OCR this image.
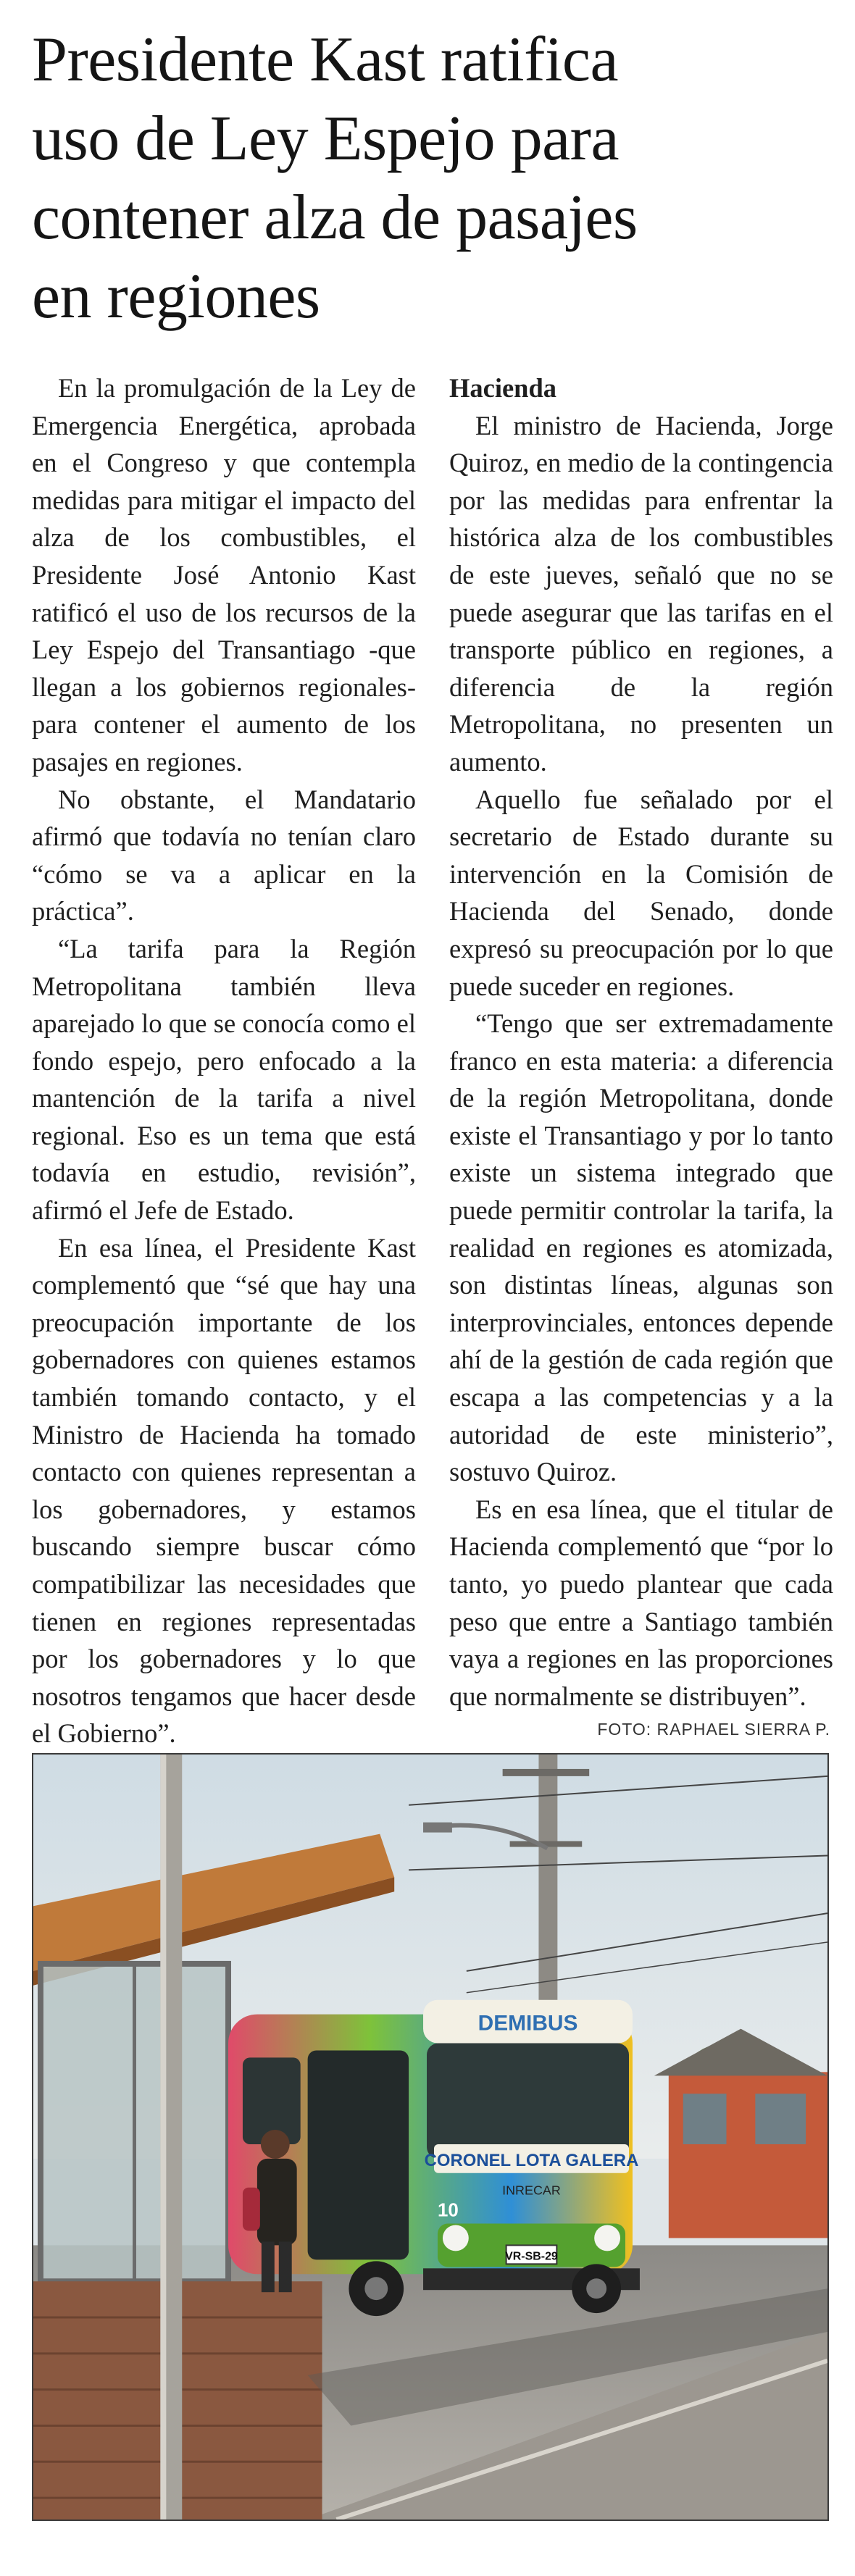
Presidente Kast ratifica
uso de Ley Espejo para
contener alza de pasajes
en regiones

En la promulgación de la Ley de Emergencia Energética, aprobada en el Congreso y que contempla medidas para mitigar el impacto del alza de los combustibles, el Presidente José Antonio Kast ratificó el uso de los recursos de la Ley Espejo del Transantiago -que llegan a los gobiernos regionales- para contener el aumento de los pasajes en regiones.

No obstante, el Mandatario afirmó que todavía no tenían claro “cómo se va a aplicar en la práctica”.

“La tarifa para la Región Metropolitana también lleva aparejado lo que se conocía como el fondo espejo, pero enfocado a la mantención de la tarifa a nivel regional. Eso es un tema que está todavía en estudio, revisión”, afirmó el Jefe de Estado.

En esa línea, el Presidente Kast complementó que “sé que hay una preocupación importante de los gobernadores con quienes estamos también tomando contacto, y el Ministro de Hacienda ha tomado contacto con quienes representan a los gobernadores, y estamos buscando siempre buscar cómo compatibilizar las necesidades que tienen en regiones representadas por los gobernadores y lo que nosotros tengamos que hacer desde el Gobierno”.

Hacienda

El ministro de Hacienda, Jorge Quiroz, en medio de la contingencia por las medidas para enfrentar la histórica alza de los combustibles de este jueves, señaló que no se puede asegurar que las tarifas en el transporte público en regiones, a diferencia de la región Metropolitana, no presenten un aumento.

Aquello fue señalado por el secretario de Estado durante su intervención en la Comisión de Hacienda del Senado, donde expresó su preocupación por lo que puede suceder en regiones.

“Tengo que ser extremadamente franco en esta materia: a diferencia de la región Metropolitana, donde existe el Transantiago y por lo tanto existe un sistema integrado que puede permitir controlar la tarifa, la realidad en regiones es atomizada, son distintas líneas, algunas son interprovinciales, entonces depende ahí de la gestión de cada región que escapa a las competencias y a la autoridad de este ministerio”, sostuvo Quiroz.

Es en esa línea, que el titular de Hacienda complementó que “por lo tanto, yo puedo plantear que cada peso que entre a Santiago también vaya a regiones en las proporciones que normalmente se distribuyen”.

FOTO: RAPHAEL SIERRA P.
DEMIBUS
CORONEL LOTA GALERA
10
INRECAR
VR-SB-29
